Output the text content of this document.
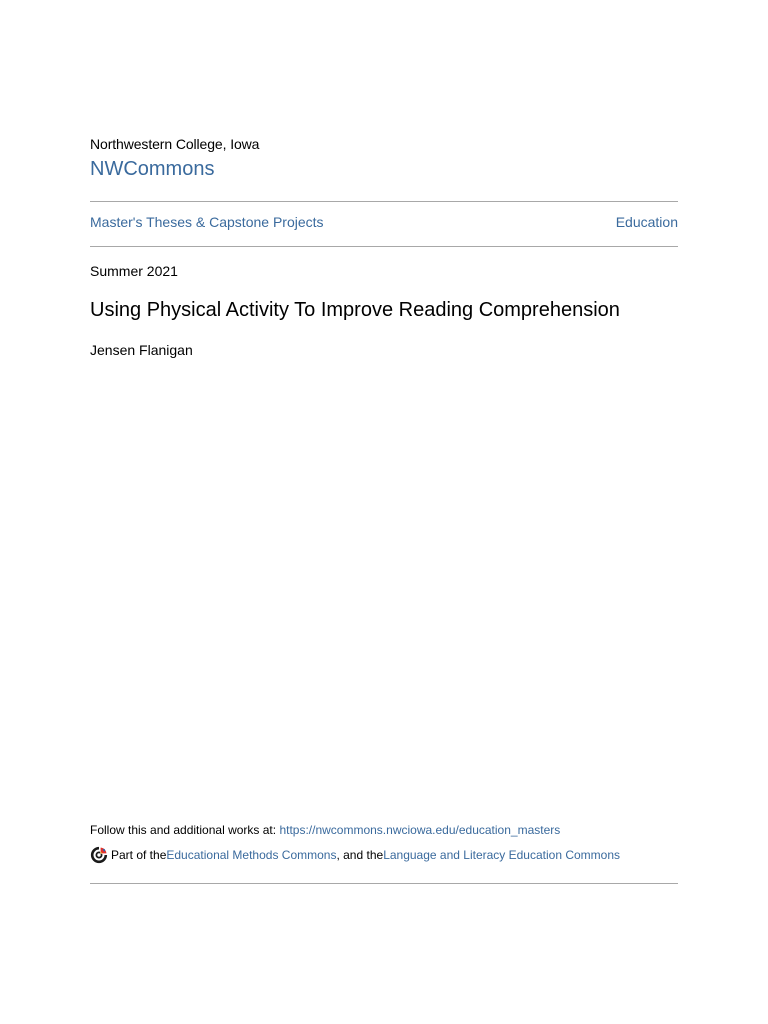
Northwestern College, Iowa
NWCommons
Master's Theses & Capstone Projects	Education
Summer 2021
Using Physical Activity To Improve Reading Comprehension
Jensen Flanigan
Follow this and additional works at: https://nwcommons.nwciowa.edu/education_masters
Part of the Educational Methods Commons , and the Language and Literacy Education Commons
